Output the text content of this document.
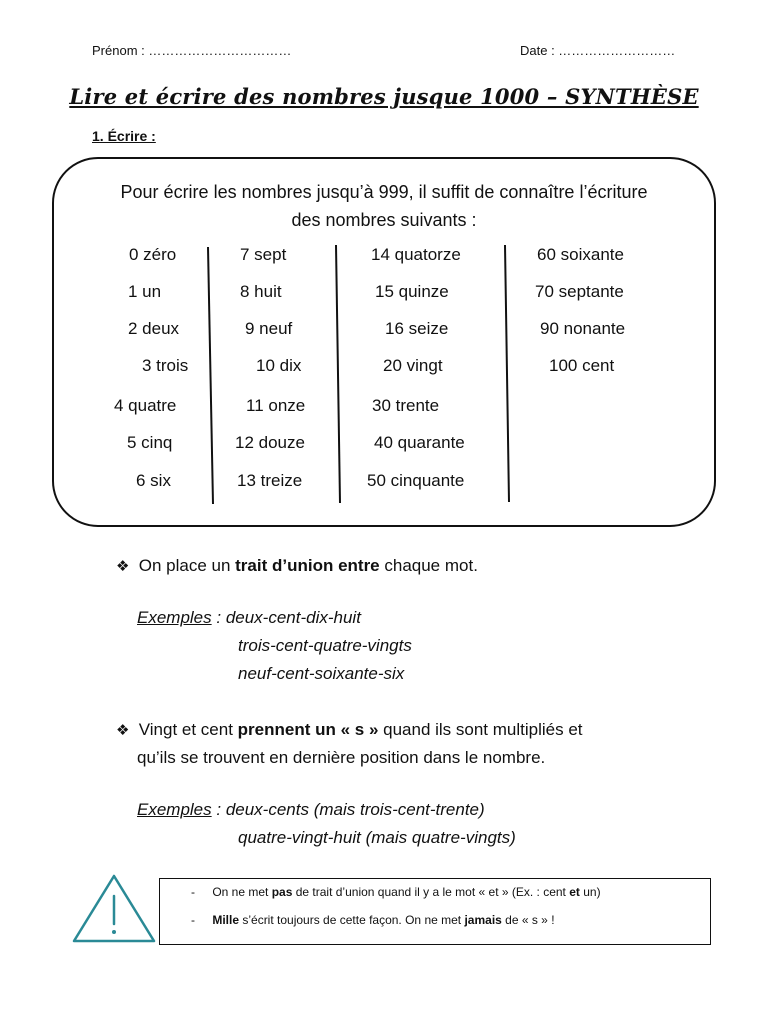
Prénom : ……………………………	Date : ………………………
Lire et écrire des nombres jusque 1000 – SYNTHÈSE
1. Écrire :
Pour écrire les nombres jusqu’à 999, il suffit de connaître l’écriture
des nombres suivants :
0 zéro
1 un
2 deux
3 trois
4 quatre
5 cinq
6 six
7 sept
8 huit
9 neuf
10 dix
11 onze
12 douze
13 treize
14 quatorze
15 quinze
16 seize
20 vingt
30 trente
40 quarante
50 cinquante
60 soixante
70 septante
90 nonante
100 cent
❖ On place un trait d’union entre chaque mot.
Exemples : deux-cent-dix-huit
trois-cent-quatre-vingts
neuf-cent-soixante-six
❖ Vingt et cent prennent un « s » quand ils sont multipliés et
qu’ils se trouvent en dernière position dans le nombre.
Exemples : deux-cents (mais trois-cent-trente)
quatre-vingt-huit (mais quatre-vingts)
- On ne met pas de trait d’union quand il y a le mot « et » (Ex. : cent et un)
- Mille s’écrit toujours de cette façon. On ne met jamais de « s » !
